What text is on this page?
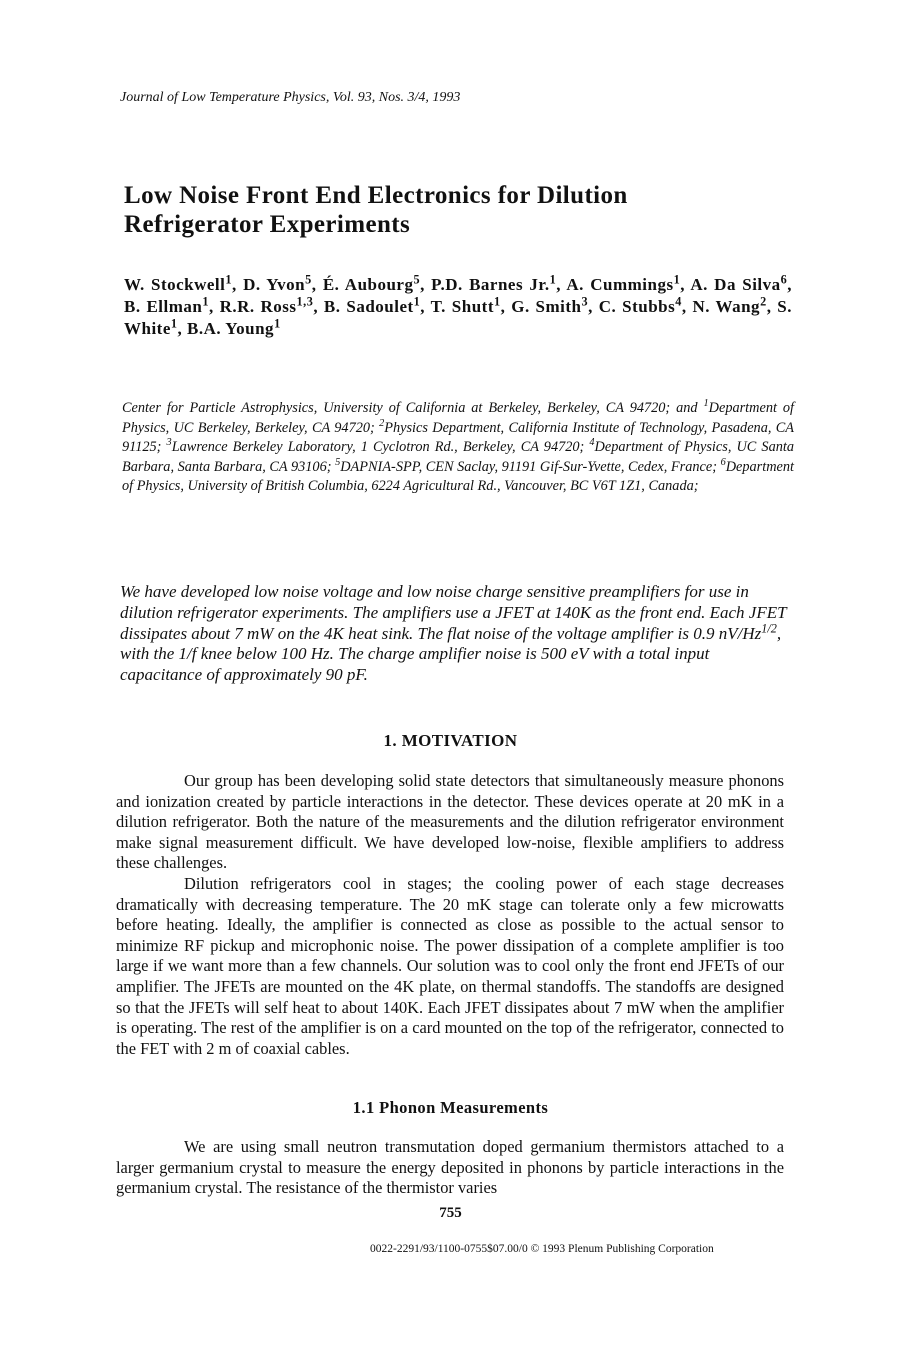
Journal of Low Temperature Physics, Vol. 93, Nos. 3/4, 1993
Low Noise Front End Electronics for Dilution
Refrigerator Experiments
W. Stockwell$^1$, D. Yvon$^5$, É. Aubourg$^5$, P.D. Barnes Jr.$^1$, A. Cummings$^1$, A. Da Silva$^6$, B. Ellman$^1$, R.R. Ross$^{1,3}$, B. Sadoulet$^1$, T. Shutt$^1$, G. Smith$^3$, C. Stubbs$^4$, N. Wang$^2$, S. White$^1$, B.A. Young$^1$
Center for Particle Astrophysics, University of California at Berkeley, Berkeley, CA 94720; and $^1$Department of Physics, UC Berkeley, Berkeley, CA 94720; $^2$Physics Department, California Institute of Technology, Pasadena, CA 91125; $^3$Lawrence Berkeley Laboratory, 1 Cyclotron Rd., Berkeley, CA 94720; $^4$Department of Physics, UC Santa Barbara, Santa Barbara, CA 93106; $^5$DAPNIA-SPP, CEN Saclay, 91191 Gif-Sur-Yvette, Cedex, France; $^6$Department of Physics, University of British Columbia, 6224 Agricultural Rd., Vancouver, BC V6T 1Z1, Canada;
We have developed low noise voltage and low noise charge sensitive preamplifiers for use in dilution refrigerator experiments. The amplifiers use a JFET at 140K as the front end. Each JFET dissipates about 7 mW on the 4K heat sink. The flat noise of the voltage amplifier is 0.9 $nV/Hz^{1/2}$, with the 1/f knee below 100 Hz. The charge amplifier noise is 500 eV with a total input capacitance of approximately 90 pF.
1. MOTIVATION

Our group has been developing solid state detectors that simultaneously measure phonons and ionization created by particle interactions in the detector. These devices operate at 20 mK in a dilution refrigerator. Both the nature of the measurements and the dilution refrigerator environment make signal measurement difficult. We have developed low-noise, flexible amplifiers to address these challenges.

Dilution refrigerators cool in stages; the cooling power of each stage decreases dramatically with decreasing temperature. The 20 mK stage can tolerate only a few microwatts before heating. Ideally, the amplifier is connected as close as possible to the actual sensor to minimize RF pickup and microphonic noise. The power dissipation of a complete amplifier is too large if we want more than a few channels. Our solution was to cool only the front end JFETs of our amplifier. The JFETs are mounted on the 4K plate, on thermal standoffs. The standoffs are designed so that the JFETs will self heat to about 140K. Each JFET dissipates about 7 mW when the amplifier is operating. The rest of the amplifier is on a card mounted on the top of the refrigerator, connected to the FET with 2 m of coaxial cables.

1.1 Phonon Measurements

We are using small neutron transmutation doped germanium thermistors attached to a larger germanium crystal to measure the energy deposited in phonons by particle interactions in the germanium crystal. The resistance of the thermistor varies

755
0022-2291/93/1100-0755$07.00/0 © 1993 Plenum Publishing Corporation
